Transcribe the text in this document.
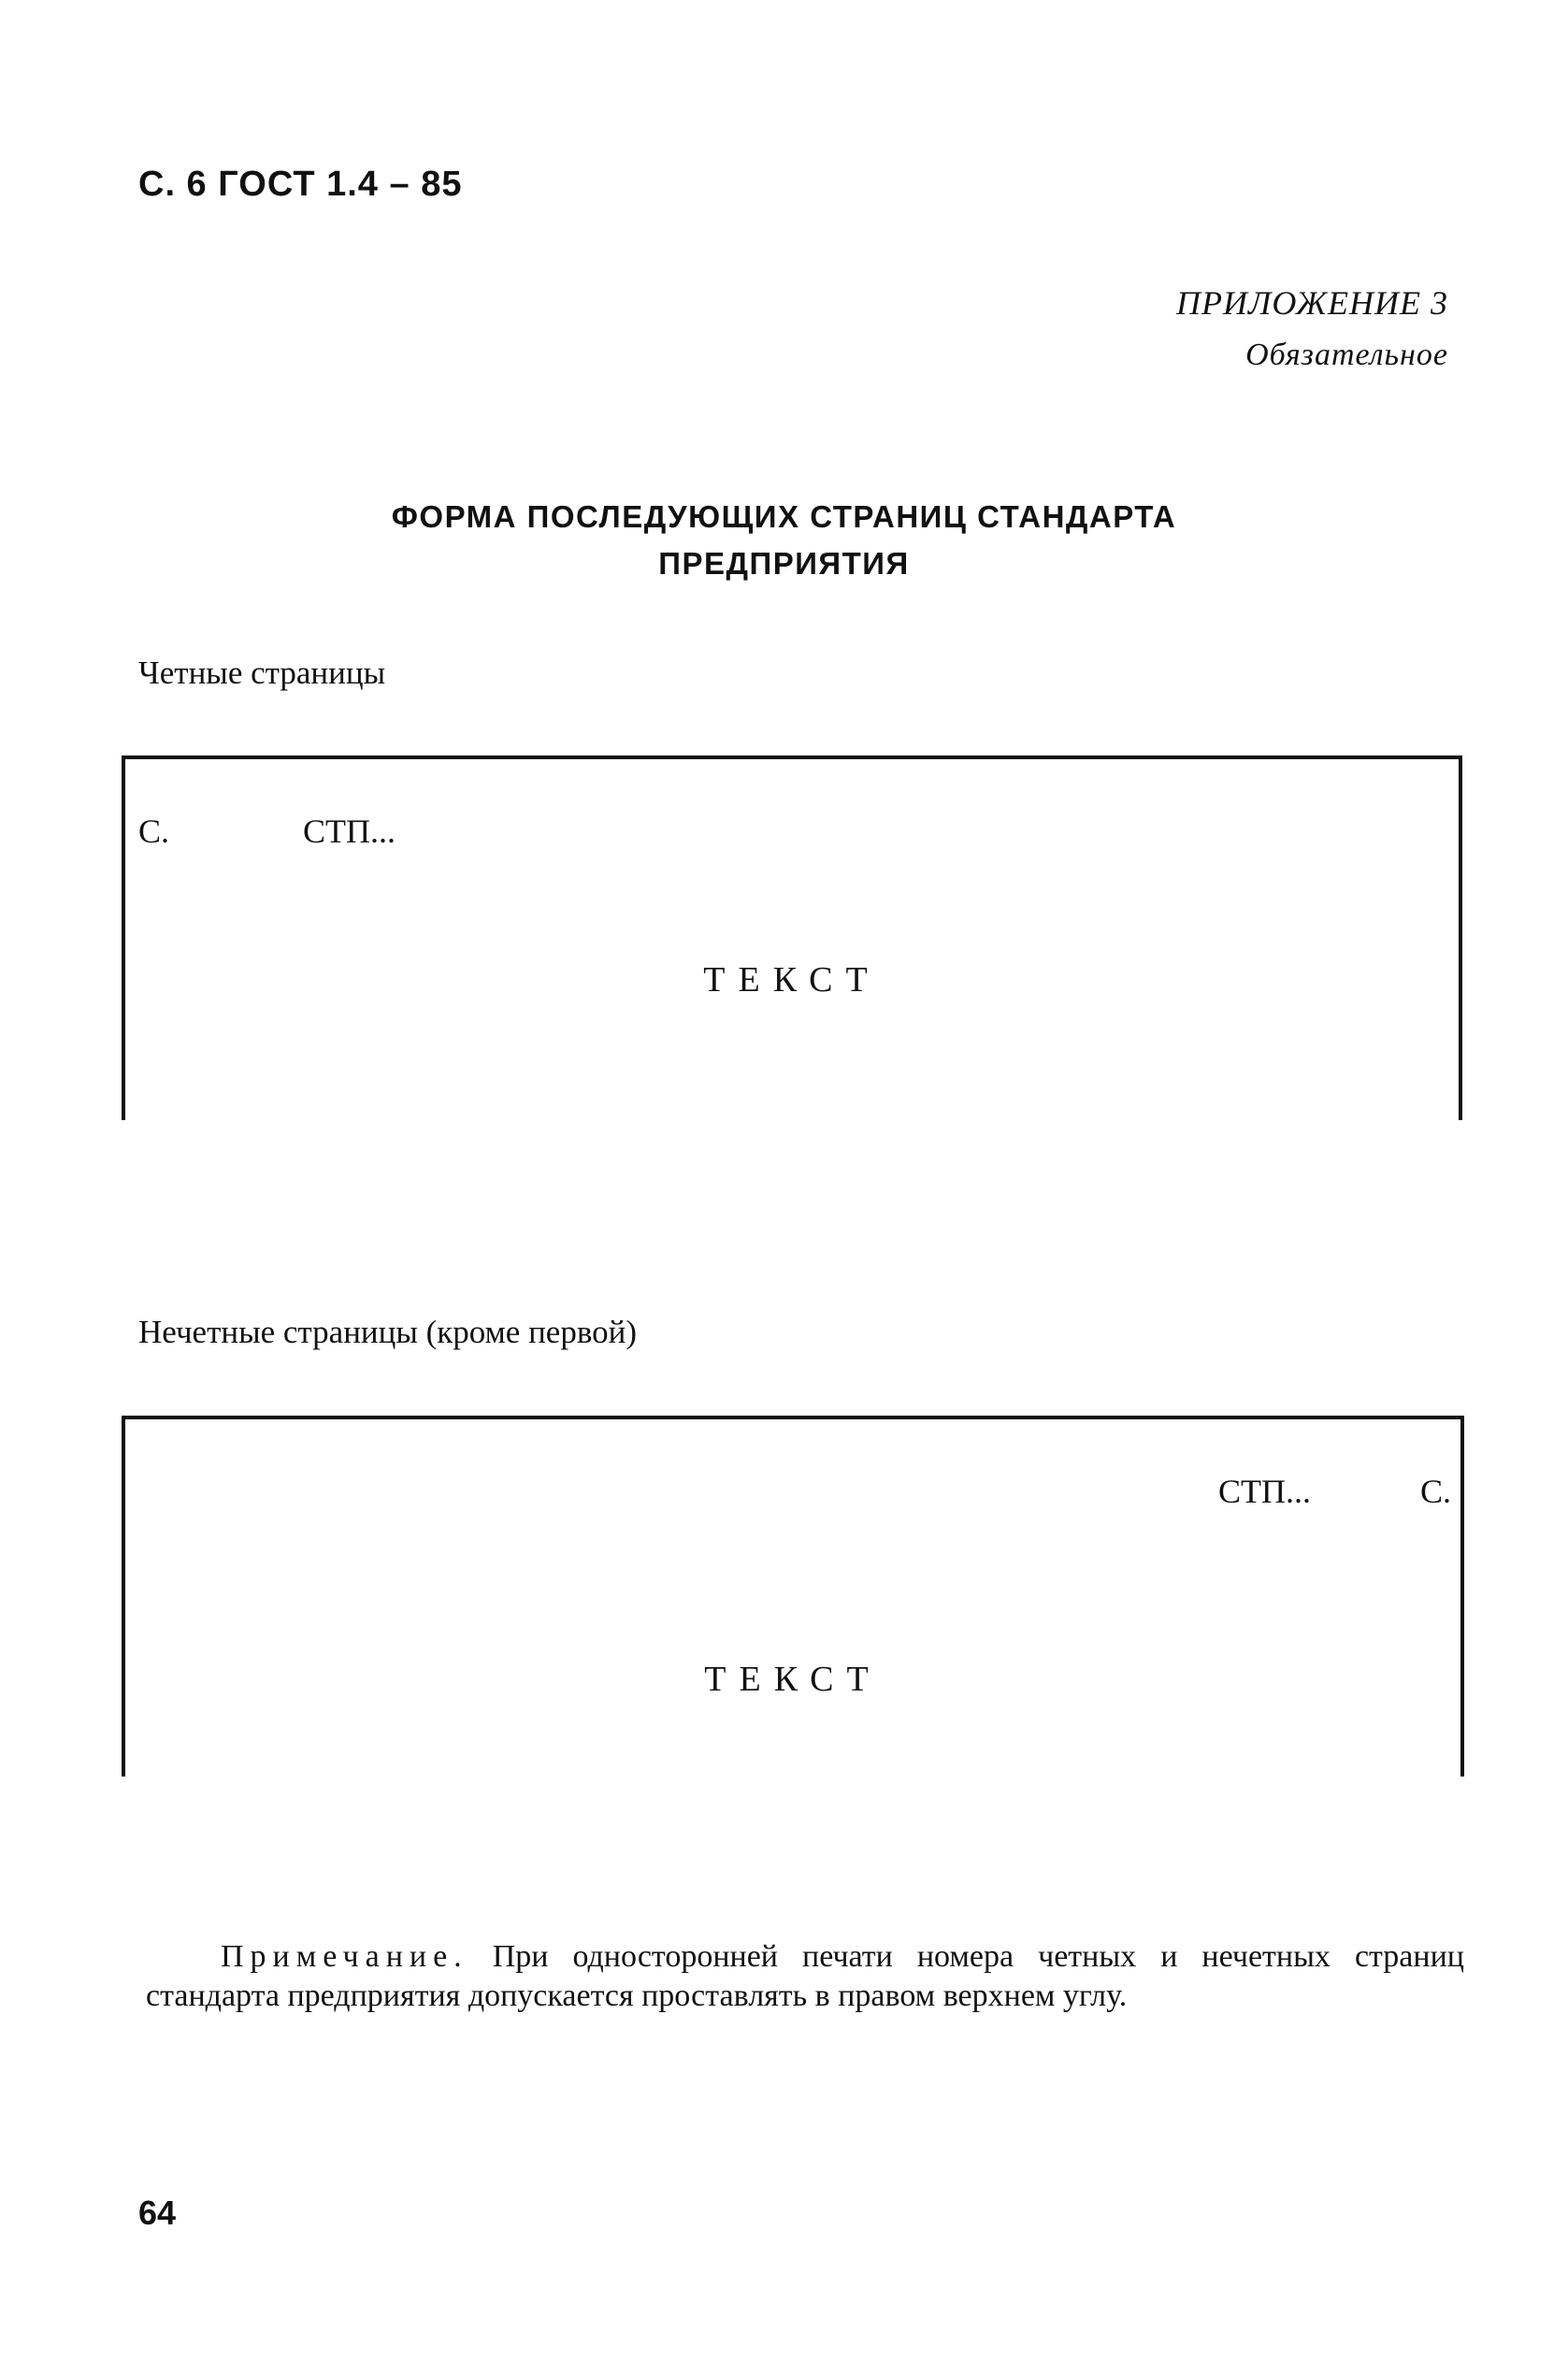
С. 6 ГОСТ 1.4 – 85
ПРИЛОЖЕНИЕ 3
Обязательное
ФОРМА ПОСЛЕДУЮЩИХ СТРАНИЦ СТАНДАРТА
ПРЕДПРИЯТИЯ
Четные страницы
С.	СТП...
ТЕКСТ
Нечетные страницы (кроме первой)
СТП...	С.
ТЕКСТ
Примечание. При односторонней печати номера четных и нечетных страниц стандарта предприятия допускается проставлять в правом верхнем углу.
64
